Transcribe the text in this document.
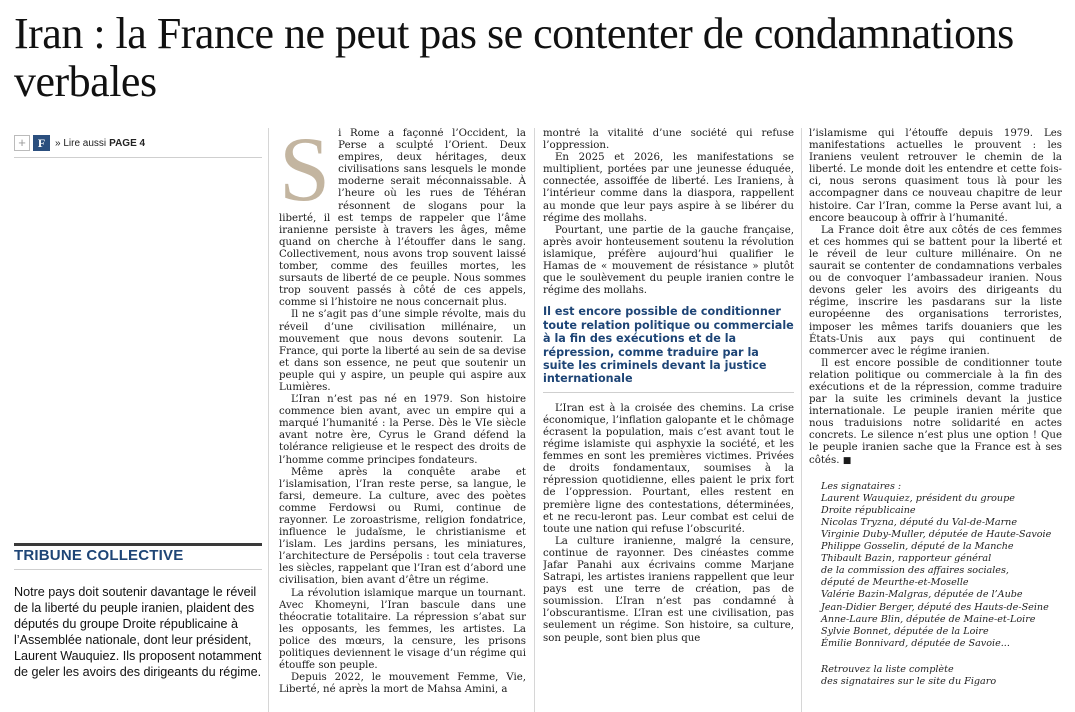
Iran : la France ne peut pas se contenter de condamnations verbales
+	F » Lire aussi PAGE 4
TRIBUNE COLLECTIVE

Notre pays doit soutenir davantage le réveil de la liberté du peuple iranien, plaident des députés du groupe Droite républicaine à l’Assemblée nationale, dont leur président, Laurent Wauquiez. Ils proposent notamment de geler les avoirs des dirigeants du régime.

S i Rome a façonné l’Occident, la Perse a sculpté l’Orient. Deux empires, deux héritages, deux civilisations sans lesquels le monde moderne serait méconnaissable. À l’heure où les rues de Téhéran résonnent de slogans pour la liberté, il est temps de rappeler que l’âme iranienne persiste à travers les âges, même quand on cherche à l’étouffer dans le sang. Collectivement, nous avons trop souvent laissé tomber, comme des feuilles mortes, les sursauts de liberté de ce peuple. Nous sommes trop souvent passés à côté de ces appels, comme si l’histoire ne nous concernait plus.

Il ne s’agit pas d’une simple révolte, mais du réveil d’une civilisation millénaire, un mouvement que nous devons soutenir. La France, qui porte la liberté au sein de sa devise et dans son essence, ne peut que soutenir un peuple qui y aspire, un peuple qui aspire aux Lumières.

L’Iran n’est pas né en 1979. Son histoire commence bien avant, avec un empire qui a marqué l’humanité : la Perse. Dès le VIe siècle avant notre ère, Cyrus le Grand défend la tolérance religieuse et le respect des droits de l’homme comme principes fondateurs.

Même après la conquête arabe et l’islamisation, l’Iran reste perse, sa langue, le farsi, demeure. La culture, avec des poètes comme Ferdowsi ou Rumi, continue de rayonner. Le zoroastrisme, religion fondatrice, influence le judaïsme, le christianisme et l’islam. Les jardins persans, les miniatures, l’architecture de Persépolis : tout cela traverse les siècles, rappelant que l’Iran est d’abord une civilisation, bien avant d’être un régime.

La révolution islamique marque un tournant. Avec Khomeyni, l’Iran bascule dans une théocratie totalitaire. La répression s’abat sur les opposants, les femmes, les artistes. La police des mœurs, la censure, les prisons politiques deviennent le visage d’un régime qui étouffe son peuple.

Depuis 2022, le mouvement Femme, Vie, Liberté, né après la mort de Mahsa Amini, a

montré la vitalité d’une société qui refuse l’oppression.

En 2025 et 2026, les manifestations se multiplient, portées par une jeunesse éduquée, connectée, assoiffée de liberté. Les Iraniens, à l’intérieur comme dans la diaspora, rappellent au monde que leur pays aspire à se libérer du régime des mollahs.

Pourtant, une partie de la gauche française, après avoir honteusement soutenu la révolution islamique, préfère aujourd’hui qualifier le Hamas de « mouvement de résistance » plutôt que le soulèvement du peuple iranien contre le régime des mollahs.

Il est encore possible de conditionner toute relation politique ou commerciale à la fin des exécutions et de la répression, comme traduire par la suite les criminels devant la justice internationale

L’Iran est à la croisée des chemins. La crise économique, l’inflation galopante et le chômage écrasent la population, mais c’est avant tout le régime islamiste qui asphyxie la société, et les femmes en sont les premières victimes. Privées de droits fondamentaux, soumises à la répression quotidienne, elles paient le prix fort de l’oppression. Pourtant, elles restent en première ligne des contestations, déterminées, et ne recu-leront pas. Leur combat est celui de toute une nation qui refuse l’obscurité.

La culture iranienne, malgré la censure, continue de rayonner. Des cinéastes comme Jafar Panahi aux écrivains comme Marjane Satrapi, les artistes iraniens rappellent que leur pays est une terre de création, pas de soumission. L’Iran n’est pas condamné à l’obscurantisme. L’Iran est une civilisation, pas seulement un régime. Son histoire, sa culture, son peuple, sont bien plus que

l’islamisme qui l’étouffe depuis 1979. Les manifestations actuelles le prouvent : les Iraniens veulent retrouver le chemin de la liberté. Le monde doit les entendre et cette fois-ci, nous serons quasiment tous là pour les accompagner dans ce nouveau chapitre de leur histoire. Car l’Iran, comme la Perse avant lui, a encore beaucoup à offrir à l’humanité.

La France doit être aux côtés de ces femmes et ces hommes qui se battent pour la liberté et le réveil de leur culture millénaire. On ne saurait se contenter de condamnations verbales ou de convoquer l’ambassadeur iranien. Nous devons geler les avoirs des dirigeants du régime, inscrire les pasdarans sur la liste européenne des organisations terroristes, imposer les mêmes tarifs douaniers que les États-Unis aux pays qui continuent de commercer avec le régime iranien.

Il est encore possible de conditionner toute relation politique ou commerciale à la fin des exécutions et de la répression, comme traduire par la suite les criminels devant la justice internationale. Le peuple iranien mérite que nous traduisions notre solidarité en actes concrets. Le silence n’est plus une option ! Que le peuple iranien sache que la France est à ses côtés. ■

Les signataires :

Laurent Wauquiez, président du groupe

Droite républicaine

Nicolas Tryzna, député du Val-de-Marne

Virginie Duby-Muller, députée de Haute-Savoie

Philippe Gosselin, député de la Manche

Thibault Bazin, rapporteur général

de la commission des affaires sociales,

député de Meurthe-et-Moselle

Valérie Bazin-Malgras, députée de l’Aube

Jean-Didier Berger, député des Hauts-de-Seine

Anne-Laure Blin, députée de Maine-et-Loire

Sylvie Bonnet, députée de la Loire

Émilie Bonnivard, députée de Savoie...

Retrouvez la liste complète

des signataires sur le site du Figaro
